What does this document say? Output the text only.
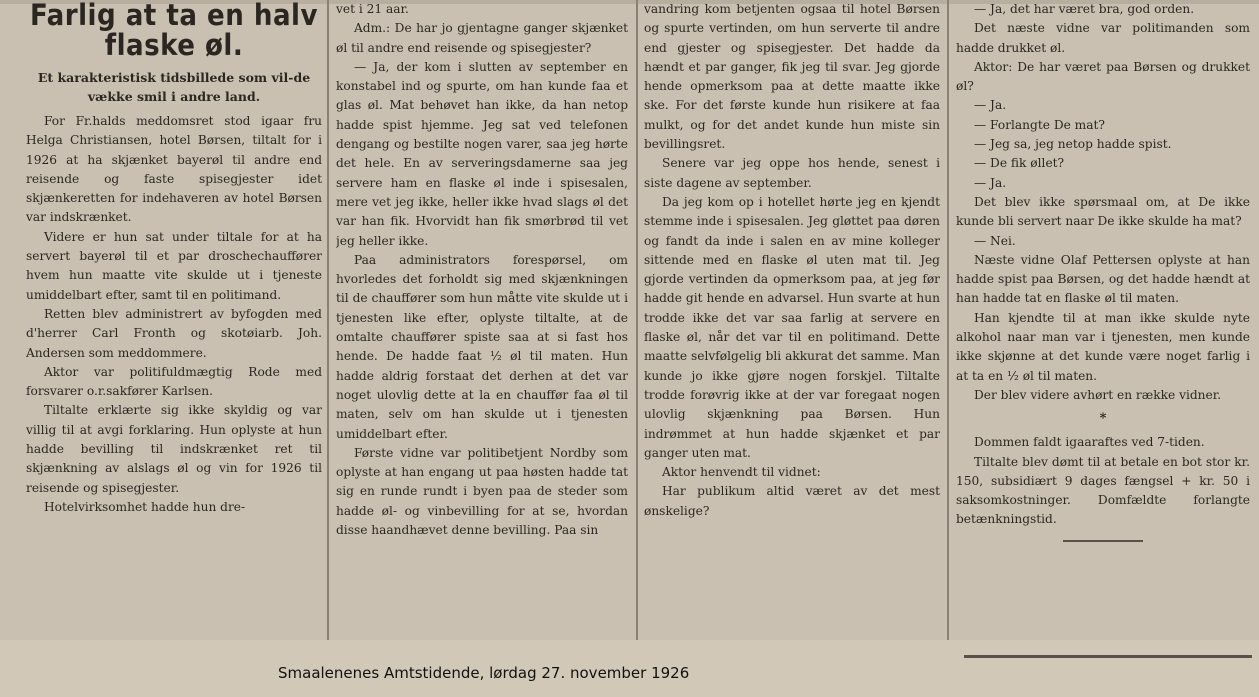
Farlig at ta en halv flaske øl.
Et karakteristisk tidsbillede som vil-de vække smil i andre land.

For Fr.halds meddomsret stod igaar fru Helga Christiansen, hotel Børsen, tiltalt for i 1926 at ha skjænket bayerøl til andre end reisende og faste spisegjester idet skjænkeretten for indehaveren av hotel Børsen var indskrænket.

Videre er hun sat under tiltale for at ha servert bayerøl til et par droschechauffører hvem hun maatte vite skulde ut i tjeneste umiddelbart efter, samt til en politimand.

Retten blev administrert av byfogden med d'herrer Carl Fronth og skotøiarb. Joh. Andersen som meddommere.

Aktor var politifuldmægtig Rode med forsvarer o.r.sakfører Karlsen.

Tiltalte erklærte sig ikke skyldig og var villig til at avgi forklaring. Hun oplyste at hun hadde bevilling til indskrænket ret til skjænkning av alslags øl og vin for 1926 til reisende og spisegjester.

Hotelvirksomhet hadde hun dre-

vet i 21 aar.

Adm.: De har jo gjentagne ganger skjænket øl til andre end reisende og spisegjester?

— Ja, der kom i slutten av september en konstabel ind og spurte, om han kunde faa et glas øl. Mat behøvet han ikke, da han netop hadde spist hjemme. Jeg sat ved telefonen dengang og bestilte nogen varer, saa jeg hørte det hele. En av serveringsdamerne saa jeg servere ham en flaske øl inde i spisesalen, mere vet jeg ikke, heller ikke hvad slags øl det var han fik. Hvorvidt han fik smørbrød til vet jeg heller ikke.

Paa administrators forespørsel, om hvorledes det forholdt sig med skjænkningen til de chauffører som hun måtte vite skulde ut i tjenesten like efter, oplyste tiltalte, at de omtalte chauffører spiste saa at si fast hos hende. De hadde faat ½ øl til maten. Hun hadde aldrig forstaat det derhen at det var noget ulovlig dette at la en chauffør faa øl til maten, selv om han skulde ut i tjenesten umiddelbart efter.

Første vidne var politibetjent Nordby som oplyste at han engang ut paa høsten hadde tat sig en runde rundt i byen paa de steder som hadde øl- og vinbevilling for at se, hvordan disse haandhævet denne bevilling. Paa sin

vandring kom betjenten ogsaa til hotel Børsen og spurte vertinden, om hun serverte til andre end gjester og spisegjester. Det hadde da hændt et par ganger, fik jeg til svar. Jeg gjorde hende opmerksom paa at dette maatte ikke ske. For det første kunde hun risikere at faa mulkt, og for det andet kunde hun miste sin bevillingsret.

Senere var jeg oppe hos hende, senest i siste dagene av september.

Da jeg kom op i hotellet hørte jeg en kjendt stemme inde i spisesalen. Jeg gløttet paa døren og fandt da inde i salen en av mine kolleger sittende med en flaske øl uten mat til. Jeg gjorde vertinden da opmerksom paa, at jeg før hadde git hende en advarsel. Hun svarte at hun trodde ikke det var saa farlig at servere en flaske øl, når det var til en politimand. Dette maatte selvfølgelig bli akkurat det samme. Man kunde jo ikke gjøre nogen forskjel. Tiltalte trodde forøvrig ikke at der var foregaat nogen ulovlig skjænkning paa Børsen. Hun indrømmet at hun hadde skjænket et par ganger uten mat.

Aktor henvendt til vidnet:

Har publikum altid været av det mest ønskelige?

— Ja, det har været bra, god orden.

Det næste vidne var politimanden som hadde drukket øl.

Aktor: De har været paa Børsen og drukket øl?

— Ja.

— Forlangte De mat?

— Jeg sa, jeg netop hadde spist.

— De fik øllet?

— Ja.

Det blev ikke spørsmaal om, at De ikke kunde bli servert naar De ikke skulde ha mat?

— Nei.

Næste vidne Olaf Pettersen oplyste at han hadde spist paa Børsen, og det hadde hændt at han hadde tat en flaske øl til maten.

Han kjendte til at man ikke skulde nyte alkohol naar man var i tjenesten, men kunde ikke skjønne at det kunde være noget farlig i at ta en ½ øl til maten.

Der blev videre avhørt en række vidner.

*

Dommen faldt igaaraftes ved 7-tiden.

Tiltalte blev dømt til at betale en bot stor kr. 150, subsidiært 9 dages fængsel + kr. 50 i saksomkostninger. Domfældte forlangte betænkningstid.

Smaalenenes Amtstidende, lørdag 27. november 1926
